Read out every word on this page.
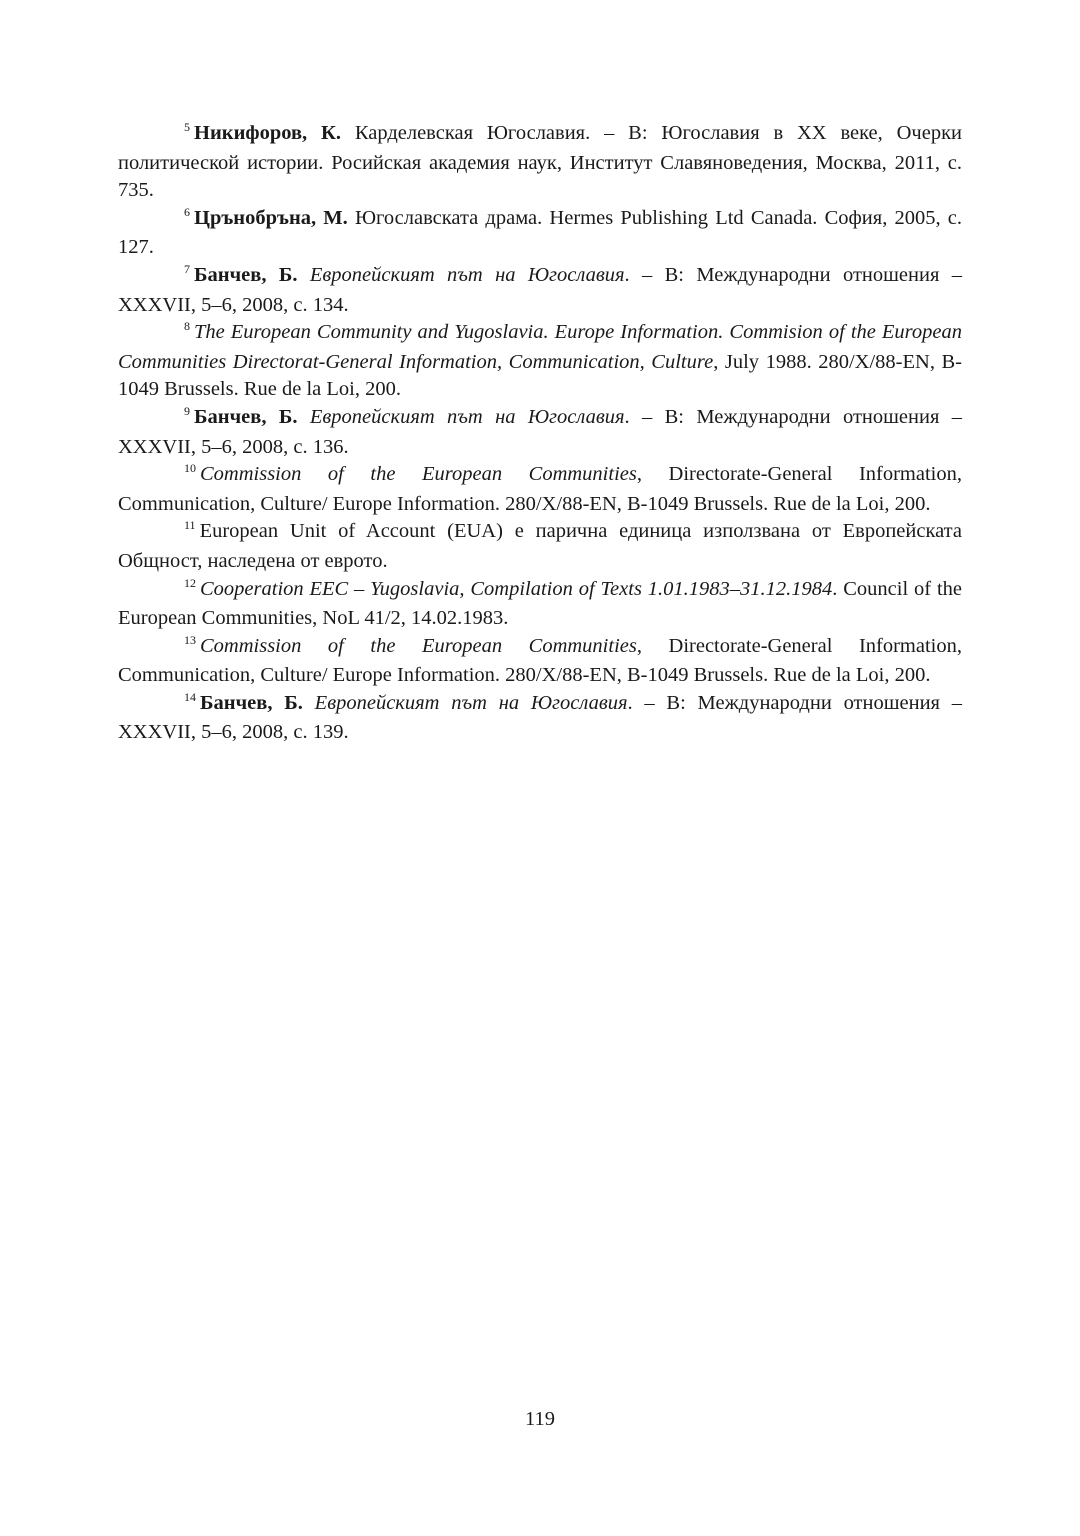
$^5$ Никифоров, К. Карделевская Югославия. – В: Югославия в ХХ веке, Очерки политической истории. Росийская академия наук, Институт Славяноведения, Москва, 2011, с. 735.

$^6$ Црънобрънa, М. Югославската драма. Hermes Publishing Ltd Canada. София, 2005, с. 127.

$^7$ Банчев, Б. Европейският път на Югославия. – В: Международни отношения – ХХХVII, 5–6, 2008, с. 134.

$^8$ The European Community and Yugoslavia. Europe Information. Commision of the European Communities Directorat-General Information, Communication, Culture, July 1988. 280/X/88-EN, B-1049 Brussels. Rue de la Loi, 200.

$^9$ Банчев, Б. Европейският път на Югославия. – В: Международни отношения – ХХХVII, 5–6, 2008, с. 136.

$^{10}$ Commission of the European Communities, Directorate-General Information, Communication, Culture/ Europe Information. 280/X/88-EN, B-1049 Brussels. Rue de la Loi, 200.

$^{11}$ European Unit of Account (EUA) е парична единица използвана от Европейската Общност, наследена от еврото.

$^{12}$ Cooperation EEC – Yugoslavia, Compilation of Texts 1.01.1983–31.12.1984. Council of the European Communities, NoL 41/2, 14.02.1983.

$^{13}$ Commission of the European Communities, Directorate-General Information, Communication, Culture/ Europe Information. 280/X/88-EN, B-1049 Brussels. Rue de la Loi, 200.

$^{14}$ Банчев, Б. Европейският път на Югославия. – В: Международни отношения – ХХХVII, 5–6, 2008, с. 139.

119
